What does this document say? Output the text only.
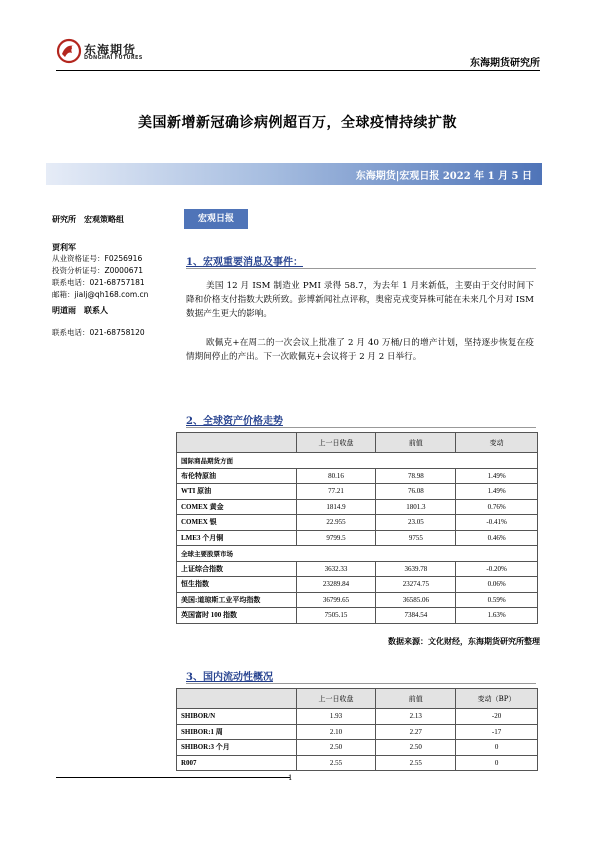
东海期货
DONGHAI FUTURES	东海期货研究所
美国新增新冠确诊病例超百万，全球疫情持续扩散
东海期货|宏观日报 2022 年 1 月 5 日
研究所　宏观策略组
贾利军
从业资格证号：F0256916
投资分析证号：Z0000671
联系电话：021-68757181
邮箱：jialj@qh168.com.cn
明道雨　联系人
联系电话：021-68758120
宏观日报
1、宏观重要消息及事件：

美国 12 月 ISM 制造业 PMI 录得 58.7，为去年 1 月来新低，主要由于交付时间下降和价格支付指数大跌所致。彭博新闻社点评称，奥密克戎变异株可能在未来几个月对 ISM 数据产生更大的影响。

欧佩克+在周二的一次会议上批准了 2 月 40 万桶/日的增产计划，坚持逐步恢复在疫情期间停止的产出。下一次欧佩克+会议将于 2 月 2 日举行。

2、全球资产价格走势
	上一日收盘	前值	变动
国际商品期货方面			
布伦特原油	80.16	78.98	1.49%
WTI 原油	77.21	76.08	1.49%
COMEX 黄金	1814.9	1801.3	0.76%
COMEX 银	22.955	23.05	-0.41%
LME3 个月铜	9799.5	9755	0.46%
全球主要股票市场			
上证综合指数	3632.33	3639.78	-0.20%
恒生指数	23289.84	23274.75	0.06%
美国:道琼斯工业平均指数	36799.65	36585.06	0.59%
英国富时 100 指数	7505.15	7384.54	1.63%
数据来源：文化财经，东海期货研究所整理
3、国内流动性概况
	上一日收盘	前值	变动（BP）
SHIBOR/N	1.93	2.13	-20
SHIBOR:1 周	2.10	2.27	-17
SHIBOR:3 个月	2.50	2.50	0
R007	2.55	2.55	0
1
